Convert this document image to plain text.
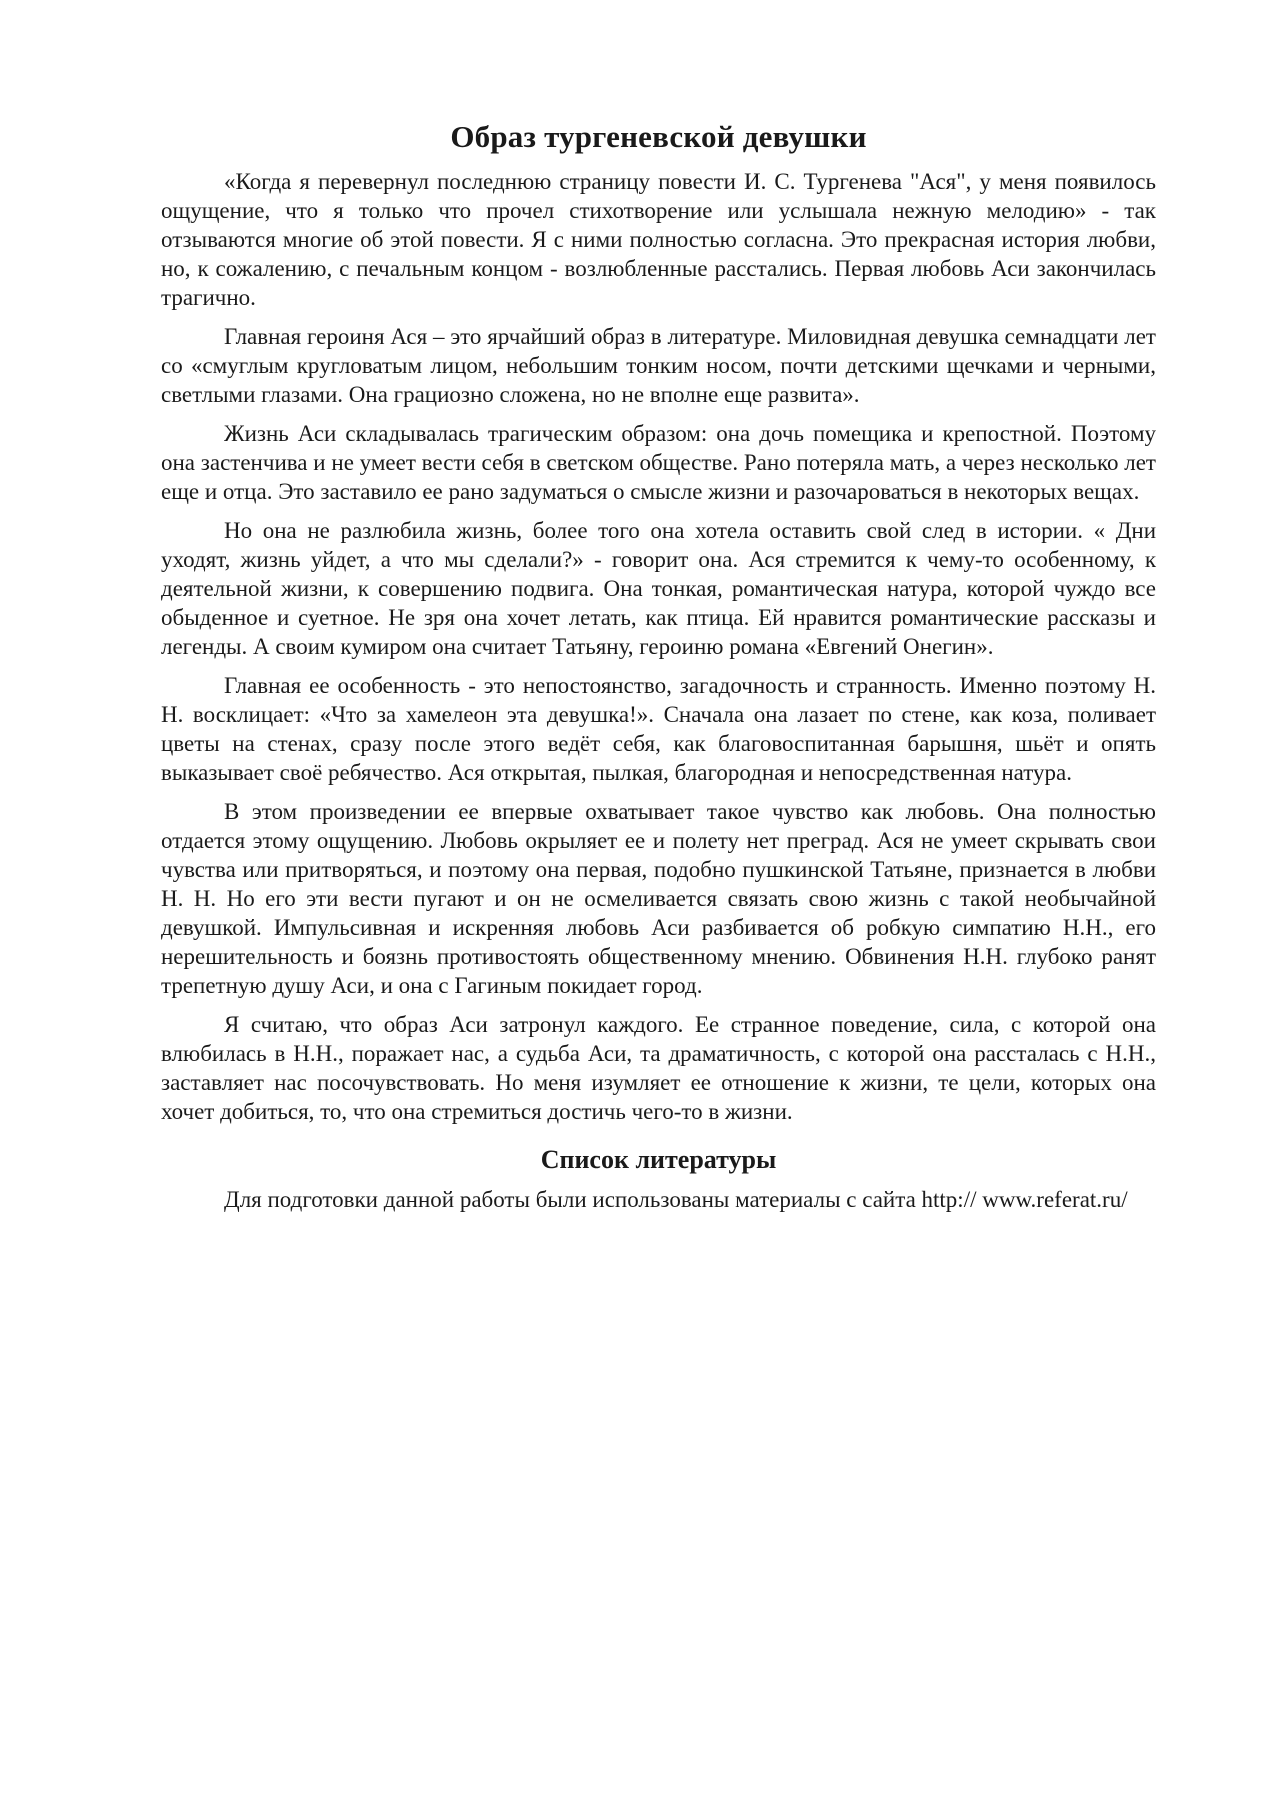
Образ тургеневской девушки

«Когда я перевернул последнюю страницу повести И. С. Тургенева "Ася", у меня появилось ощущение, что я только что прочел стихотворение или услышала нежную мелодию» - так отзываются многие об этой повести. Я с ними полностью согласна. Это прекрасная история любви, но, к сожалению, с печальным концом - возлюбленные расстались. Первая любовь Аси закончилась трагично.

Главная героиня Ася – это ярчайший образ в литературе. Миловидная девушка семнадцати лет со «смуглым кругловатым лицом, небольшим тонким носом, почти детскими щечками и черными, светлыми глазами. Она грациозно сложена, но не вполне еще развита».

Жизнь Аси складывалась трагическим образом: она дочь помещика и крепостной. Поэтому она застенчива и не умеет вести себя в светском обществе. Рано потеряла мать, а через несколько лет еще и отца. Это заставило ее рано задуматься о смысле жизни и разочароваться в некоторых вещах.

Но она не разлюбила жизнь, более того она хотела оставить свой след в истории. « Дни уходят, жизнь уйдет, а что мы сделали?» - говорит она. Ася стремится к чему-то особенному, к деятельной жизни, к совершению подвига. Она тонкая, романтическая натура, которой чуждо все обыденное и суетное. Не зря она хочет летать, как птица. Ей нравится романтические рассказы и легенды. А своим кумиром она считает Татьяну, героиню романа «Евгений Онегин».

Главная ее особенность - это непостоянство, загадочность и странность. Именно поэтому Н. Н. восклицает: «Что за хамелеон эта девушка!». Сначала она лазает по стене, как коза, поливает цветы на стенах, сразу после этого ведёт себя, как благовоспитанная барышня, шьёт и опять выказывает своё ребячество. Ася открытая, пылкая, благородная и непосредственная натура.

В этом произведении ее впервые охватывает такое чувство как любовь. Она полностью отдается этому ощущению. Любовь окрыляет ее и полету нет преград. Ася не умеет скрывать свои чувства или притворяться, и поэтому она первая, подобно пушкинской Татьяне, признается в любви Н. Н. Но его эти вести пугают и он не осмеливается связать свою жизнь с такой необычайной девушкой. Импульсивная и искренняя любовь Аси разбивается об робкую симпатию Н.Н., его нерешительность и боязнь противостоять общественному мнению. Обвинения Н.Н. глубоко ранят трепетную душу Аси, и она с Гагиным покидает город.

Я считаю, что образ Аси затронул каждого. Ее странное поведение, сила, с которой она влюбилась в Н.Н., поражает нас, а судьба Аси, та драматичность, с которой она рассталась с Н.Н., заставляет нас посочувствовать. Но меня изумляет ее отношение к жизни, те цели, которых она хочет добиться, то, что она стремиться достичь чего-то в жизни.

Список литературы

Для подготовки данной работы были использованы материалы с сайта http:// www.referat.ru/
